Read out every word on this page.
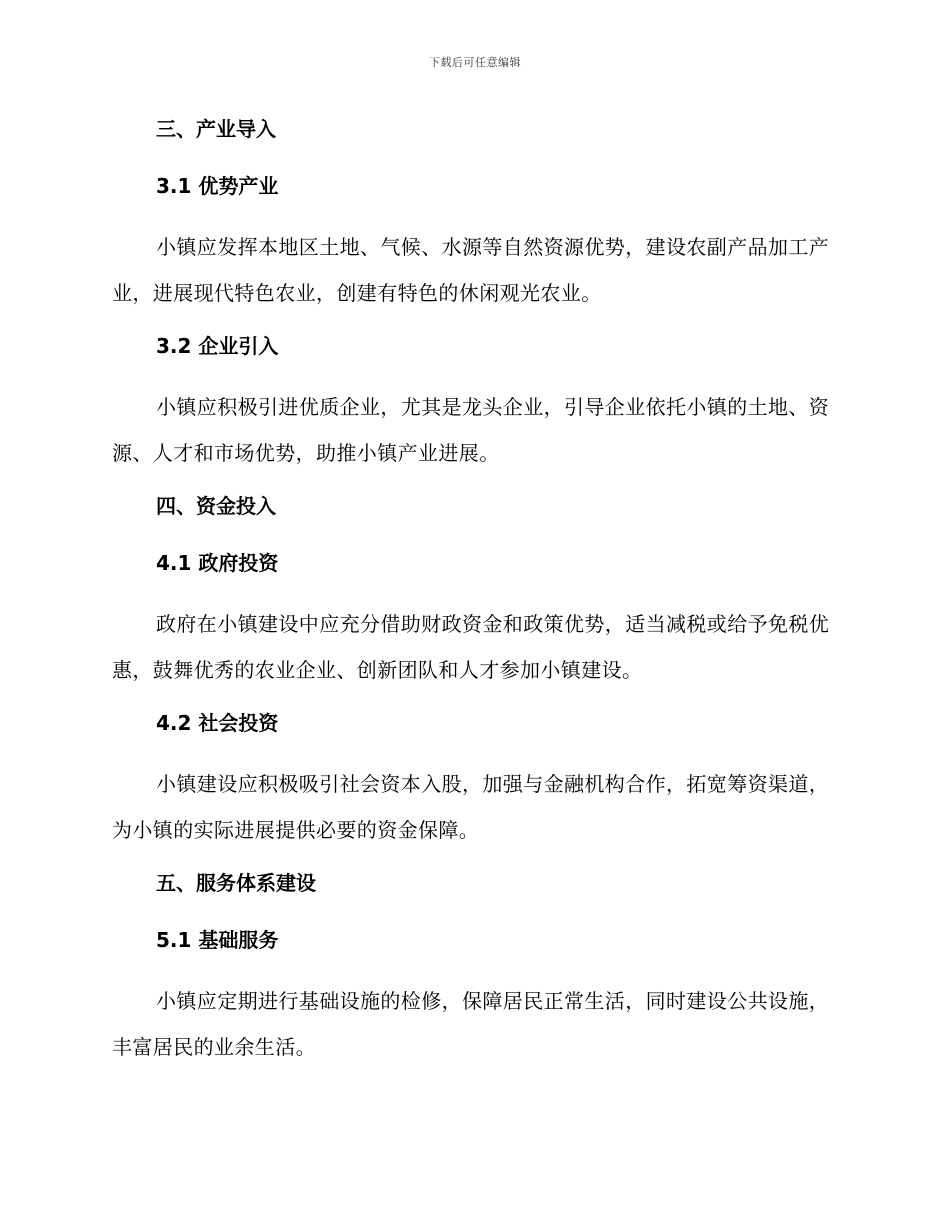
下载后可任意编辑
三、产业导入
3.1 优势产业
小镇应发挥本地区土地、气候、水源等自然资源优势，建设农副产品加工产业，进展现代特色农业，创建有特色的休闲观光农业。
3.2 企业引入
小镇应积极引进优质企业，尤其是龙头企业，引导企业依托小镇的土地、资源、人才和市场优势，助推小镇产业进展。
四、资金投入
4.1 政府投资
政府在小镇建设中应充分借助财政资金和政策优势，适当减税或给予免税优惠，鼓舞优秀的农业企业、创新团队和人才参加小镇建设。
4.2 社会投资
小镇建设应积极吸引社会资本入股，加强与金融机构合作，拓宽筹资渠道，为小镇的实际进展提供必要的资金保障。
五、服务体系建设
5.1 基础服务
小镇应定期进行基础设施的检修，保障居民正常生活，同时建设公共设施，丰富居民的业余生活。
